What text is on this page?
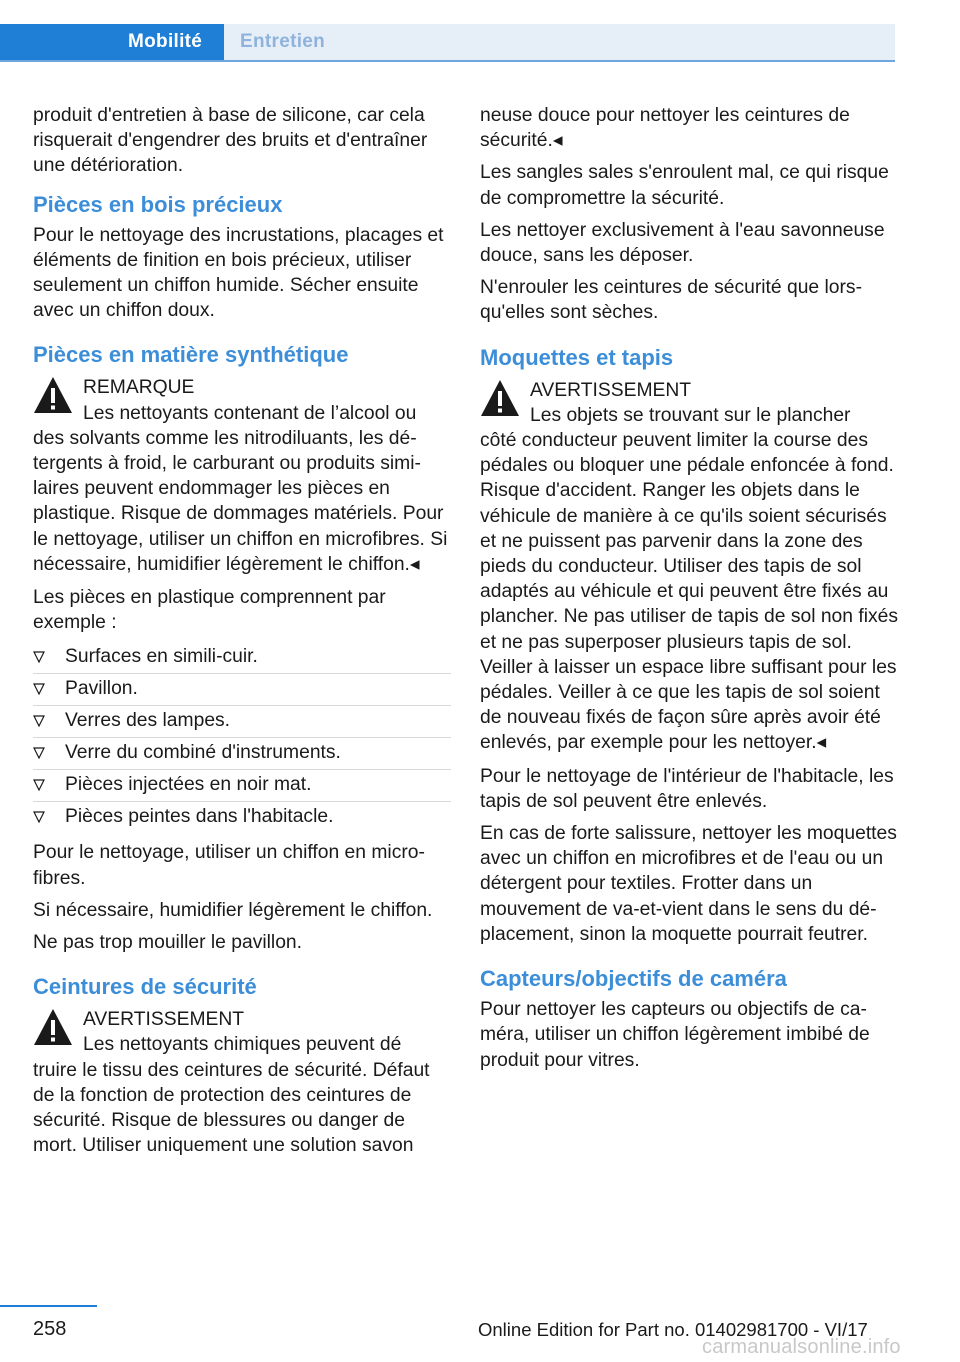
Mobilité	Entretien

produit d'entretien à base de silicone, car cela risquerait d'engendrer des bruits et d'entraîner une détérioration.

Pièces en bois précieux

Pour le nettoyage des incrustations, placages et éléments de finition en bois précieux, utiliser seulement un chiffon humide. Sécher ensuite avec un chiffon doux.

Pièces en matière synthétique
REMARQUE
Les nettoyants contenant de l’alcool ou
des solvants comme les nitrodiluants, les détergents à froid, le carburant ou produits similaires peuvent endommager les pièces en plastique. Risque de dommages matériels. Pour le nettoyage, utiliser un chiffon en microfibres. Si nécessaire, humidifier légèrement le chiffon.◂

Les pièces en plastique comprennent par exemple :

Surfaces en simili-cuir.
Pavillon.
Verres des lampes.
Verre du combiné d'instruments.
Pièces injectées en noir mat.
Pièces peintes dans l'habitacle.

Pour le nettoyage, utiliser un chiffon en microfibres.

Si nécessaire, humidifier légèrement le chiffon.

Ne pas trop mouiller le pavillon.

Ceintures de sécurité
AVERTISSEMENT
Les nettoyants chimiques peuvent dé
truire le tissu des ceintures de sécurité. Défaut de la fonction de protection des ceintures de sécurité. Risque de blessures ou danger de mort. Utiliser uniquement une solution savon

neuse douce pour nettoyer les ceintures de sécurité.◂

Les sangles sales s'enroulent mal, ce qui risque de compromettre la sécurité.

Les nettoyer exclusivement à l'eau savonneuse douce, sans les déposer.

N'enrouler les ceintures de sécurité que lorsqu'elles sont sèches.

Moquettes et tapis
AVERTISSEMENT
Les objets se trouvant sur le plancher
côté conducteur peuvent limiter la course des pédales ou bloquer une pédale enfoncée à fond. Risque d'accident. Ranger les objets dans le véhicule de manière à ce qu'ils soient sécurisés et ne puissent pas parvenir dans la zone des pieds du conducteur. Utiliser des tapis de sol adaptés au véhicule et qui peuvent être fixés au plancher. Ne pas utiliser de tapis de sol non fixés et ne pas superposer plusieurs tapis de sol. Veiller à laisser un espace libre suffisant pour les pédales. Veiller à ce que les tapis de sol soient de nouveau fixés de façon sûre après avoir été enlevés, par exemple pour les nettoyer.◂

Pour le nettoyage de l'intérieur de l'habitacle, les tapis de sol peuvent être enlevés.

En cas de forte salissure, nettoyer les moquettes avec un chiffon en microfibres et de l'eau ou un détergent pour textiles. Frotter dans un mouvement de va-et-vient dans le sens du déplacement, sinon la moquette pourrait feutrer.

Capteurs/objectifs de caméra

Pour nettoyer les capteurs ou objectifs de caméra, utiliser un chiffon légèrement imbibé de produit pour vitres.

258	Online Edition for Part no. 01402981700 - VI/17
carmanualsonline.info
